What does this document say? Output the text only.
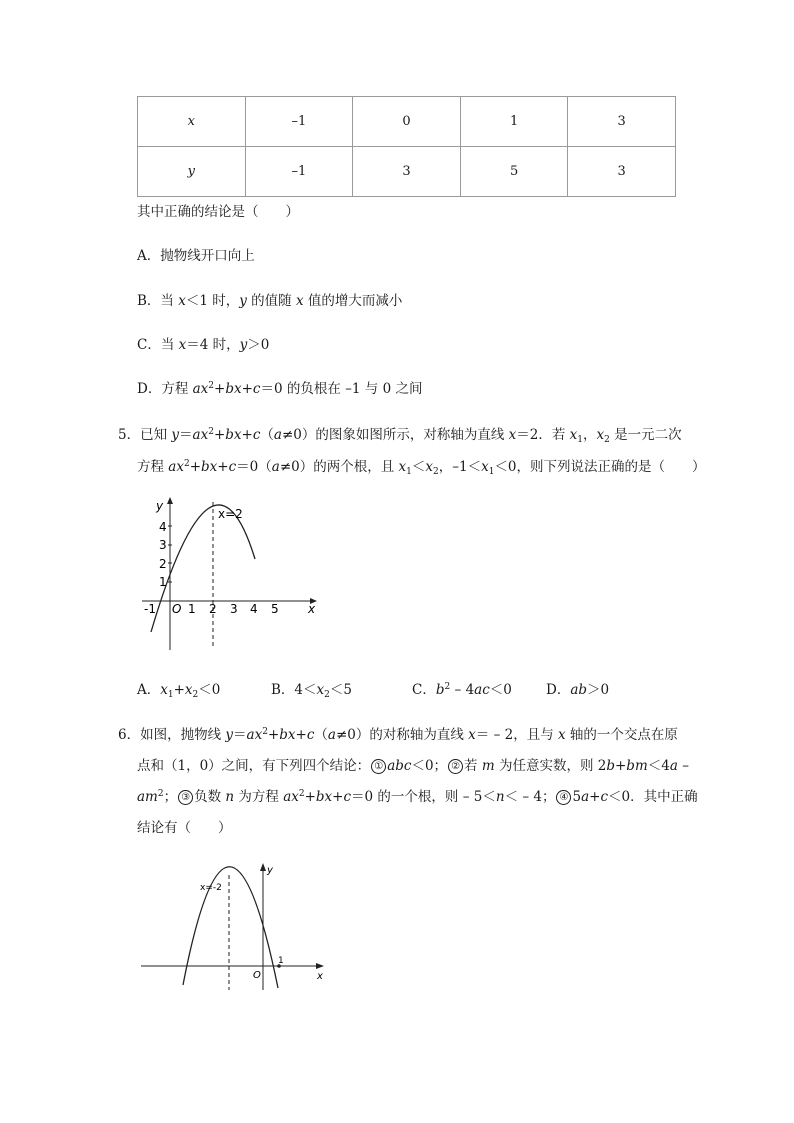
x	–1	0	1	3
y	–1	3	5	3
其中正确的结论是（　　）
A．抛物线开口向上
B．当 x＜1 时，y 的值随 x 值的增大而减小
C．当 x＝4 时，y＞0
D．方程 $ax^2+bx+c=0$ 的负根在 –1 与 0 之间
5．已知 $y=ax^2+bx+c(a\ne 0)$的图象如图所示，对称轴为直线 x＝2．若 $x_1$，$x_2$ 是一元二次
方程 $ax^2+bx+c=0(a\ne 0)$的两个根，且 $x_1<x_2$，$-1<x_1<0$，则下列说法正确的是（　　）
y
x
O
x=2
-1	1 2 3 4 5
1
2
3
4
A．$x_1+x_2<0$	B．$4<x_2<5$	C．$b^2 - 4ac<0$	D．ab＞0
6．如图，抛物线 $y=ax^2+bx+c(a\ne 0)$的对称轴为直线 x＝ – 2，且与 x 轴的一个交点在原
点和（1，0）之间，有下列四个结论： ① abc＜0； ② 若 m 为任意实数，则 2b+bm＜4a –
$am^2$； ③ 负数 n 为方程 $ax^2+bx+c=0$ 的一个根，则 – 5＜n＜ – 4； ④ 5a+c＜0．其中正确
结论有（　　）
y
x
O
x=-2
1
